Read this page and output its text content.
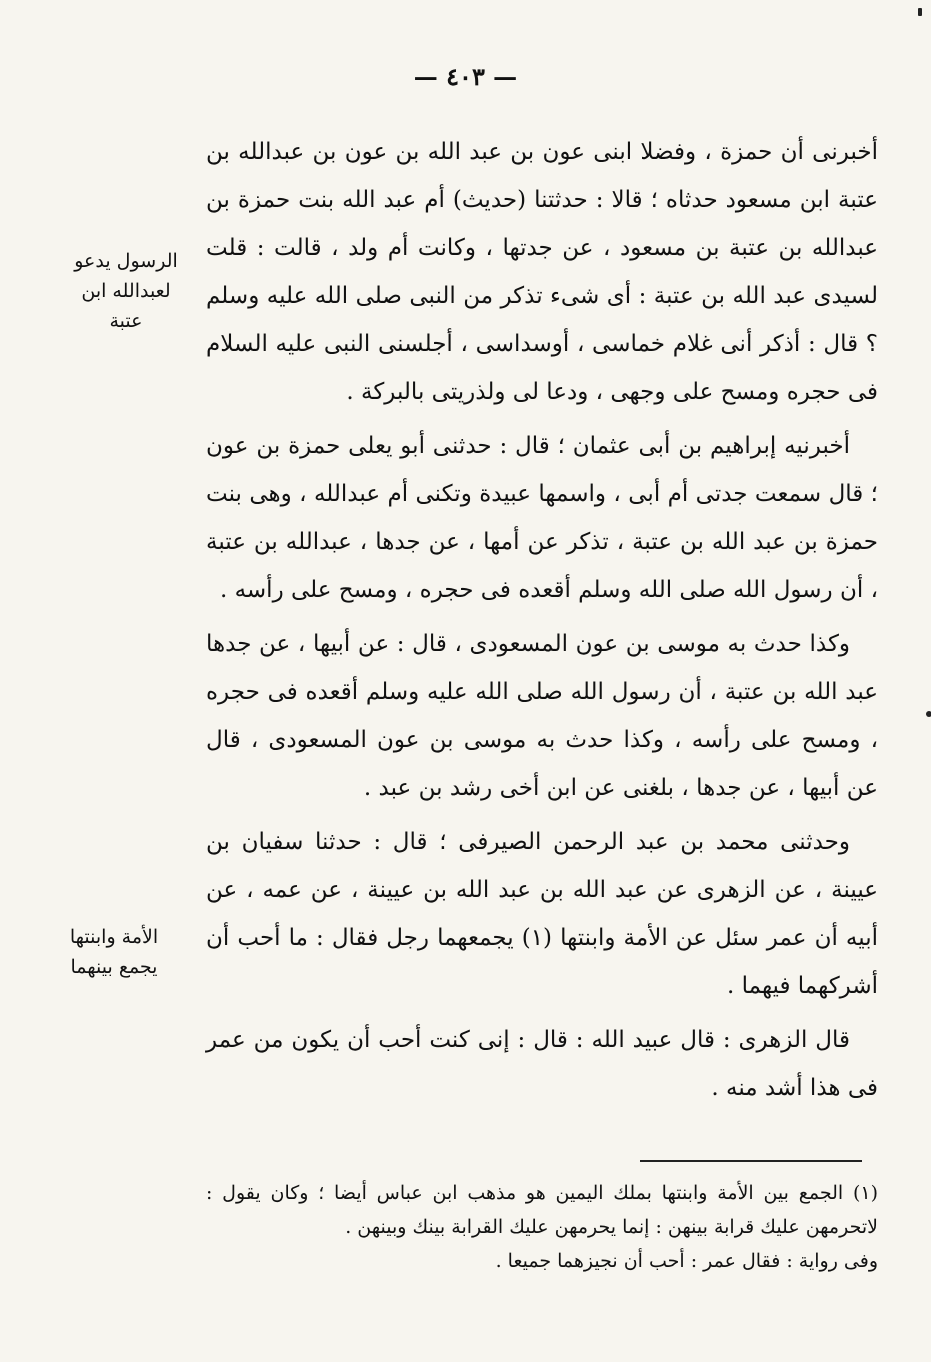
— ٤٠٣ —
الرسول يدعو لعبدالله ابن عتبة
الأمة وابنتها يجمع بينهما

أخبرنى أن حمزة ، وفضلا ابنى عون بن عبد الله بن عون بن عبدالله بن عتبة ابن مسعود حدثاه ؛ قالا : حدثتنا (حديث) أم عبد الله بنت حمزة بن عبدالله بن عتبة بن مسعود ، عن جدتها ، وكانت أم ولد ، قالت : قلت لسيدى عبد الله بن عتبة : أى شىء تذكر من النبى صلى الله عليه وسلم ؟ قال : أذكر أنى غلام خماسى ، أوسداسى ، أجلسنى النبى عليه السلام فى حجره ومسح على وجهى ، ودعا لى ولذريتى بالبركة .

أخبرنيه إبراهيم بن أبى عثمان ؛ قال : حدثنى أبو يعلى حمزة بن عون ؛ قال سمعت جدتى أم أبى ، واسمها عبيدة وتكنى أم عبدالله ، وهى بنت حمزة بن عبد الله بن عتبة ، تذكر عن أمها ، عن جدها ، عبدالله بن عتبة ، أن رسول الله صلى الله وسلم أقعده فى حجره ، ومسح على رأسه .

وكذا حدث به موسى بن عون المسعودى ، قال : عن أبيها ، عن جدها عبد الله بن عتبة ، أن رسول الله صلى الله عليه وسلم أقعده فى حجره ، ومسح على رأسه ، وكذا حدث به موسى بن عون المسعودى ، قال عن أبيها ، عن جدها ، بلغنى عن ابن أخى رشد بن عبد .

وحدثنى محمد بن عبد الرحمن الصيرفى ؛ قال : حدثنا سفيان بن عيينة ، عن الزهرى عن عبد الله بن عبد الله بن عيينة ، عن عمه ، عن أبيه أن عمر سئل عن الأمة وابنتها (١) يجمعهما رجل فقال : ما أحب أن أشركهما فيهما .

قال الزهرى : قال عبيد الله : قال : إنى كنت أحب أن يكون من عمر فى هذا أشد منه .

(١) الجمع بين الأمة وابنتها بملك اليمين هو مذهب ابن عباس أيضا ؛ وكان يقول : لاتحرمهن عليك قرابة بينهن : إنما يحرمهن عليك القرابة بينك وبينهن .

وفى رواية : فقال عمر : أحب أن نجيزهما جميعا .
